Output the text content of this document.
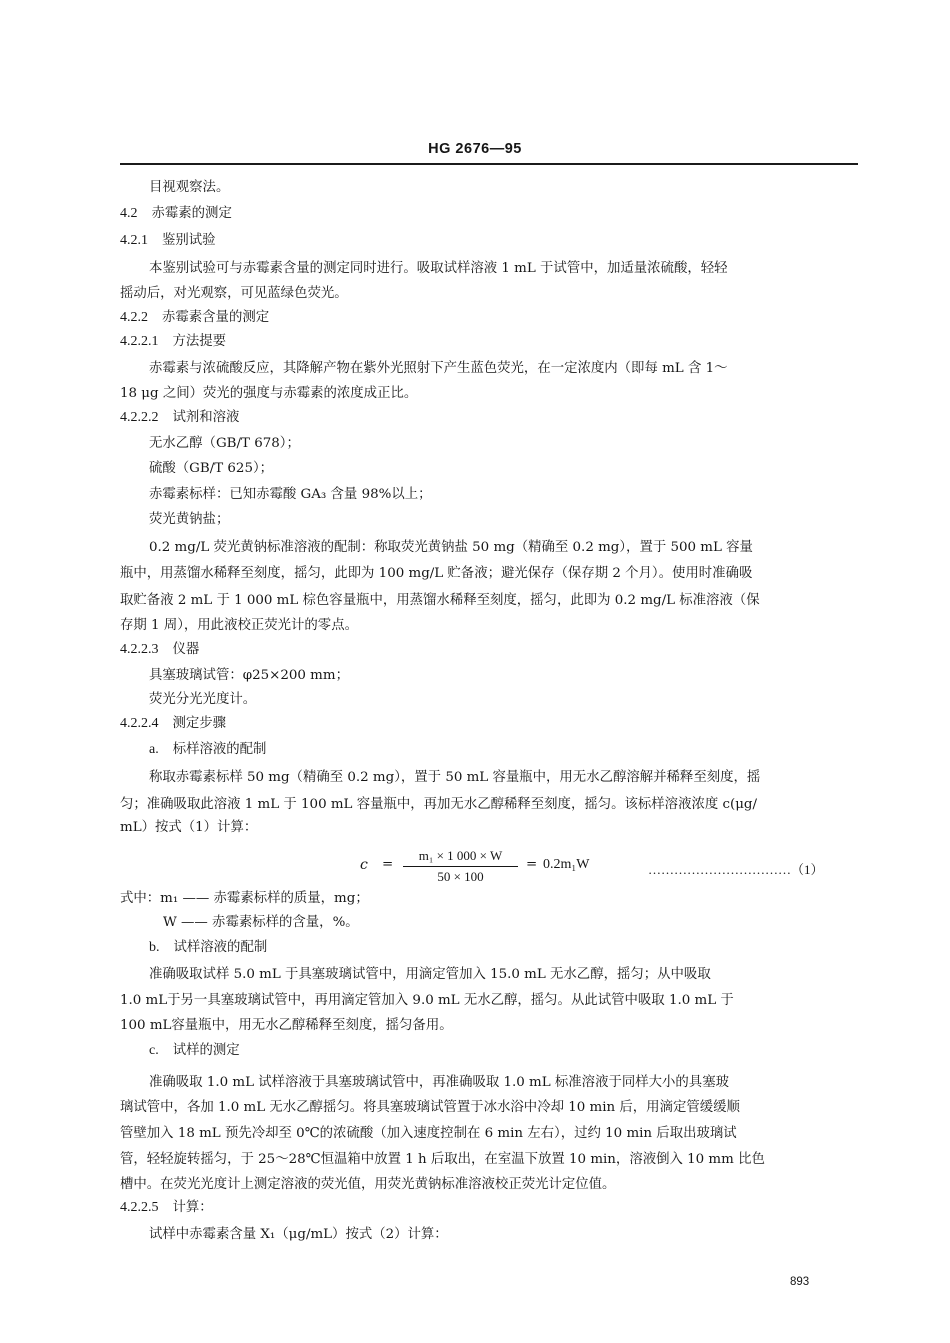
HG 2676—95
目视观察法。
4.2 赤霉素的测定
4.2.1 鉴别试验
本鉴别试验可与赤霉素含量的测定同时进行。吸取试样溶液 1 mL 于试管中，加适量浓硫酸，轻轻
摇动后，对光观察，可见蓝绿色荧光。
4.2.2 赤霉素含量的测定
4.2.2.1 方法提要
赤霉素与浓硫酸反应，其降解产物在紫外光照射下产生蓝色荧光，在一定浓度内（即每 mL 含 1～
18 μg 之间）荧光的强度与赤霉素的浓度成正比。
4.2.2.2 试剂和溶液
无水乙醇（GB/T 678）；
硫酸（GB/T 625）；
赤霉素标样：已知赤霉酸 GA₃ 含量 98%以上；
荧光黄钠盐；
0.2 mg/L 荧光黄钠标准溶液的配制：称取荧光黄钠盐 50 mg（精确至 0.2 mg），置于 500 mL 容量
瓶中，用蒸馏水稀释至刻度，摇匀，此即为 100 mg/L 贮备液；避光保存（保存期 2 个月）。使用时准确吸
取贮备液 2 mL 于 1 000 mL 棕色容量瓶中，用蒸馏水稀释至刻度，摇匀，此即为 0.2 mg/L 标准溶液（保
存期 1 周），用此液校正荧光计的零点。
4.2.2.3 仪器
具塞玻璃试管：φ25×200 mm；
荧光分光光度计。
4.2.2.4 测定步骤
a. 标样溶液的配制
称取赤霉素标样 50 mg（精确至 0.2 mg），置于 50 mL 容量瓶中，用无水乙醇溶解并稀释至刻度，摇
匀；准确吸取此溶液 1 mL 于 100 mL 容量瓶中，再加无水乙醇稀释至刻度，摇匀。该标样溶液浓度 c(μg/
mL）按式（1）计算：
c =
m₁ × 1 000 × W
50 × 100
= 0.2m₁W	……………………………（1）
式中：m₁ —— 赤霉素标样的质量，mg；
W —— 赤霉素标样的含量，%。
b. 试样溶液的配制
准确吸取试样 5.0 mL 于具塞玻璃试管中，用滴定管加入 15.0 mL 无水乙醇，摇匀；从中吸取
1.0 mL于另一具塞玻璃试管中，再用滴定管加入 9.0 mL 无水乙醇，摇匀。从此试管中吸取 1.0 mL 于
100 mL容量瓶中，用无水乙醇稀释至刻度，摇匀备用。
c. 试样的测定
准确吸取 1.0 mL 试样溶液于具塞玻璃试管中，再准确吸取 1.0 mL 标准溶液于同样大小的具塞玻
璃试管中，各加 1.0 mL 无水乙醇摇匀。将具塞玻璃试管置于冰水浴中冷却 10 min 后，用滴定管缓缓顺
管壁加入 18 mL 预先冷却至 0℃的浓硫酸（加入速度控制在 6 min 左右），过约 10 min 后取出玻璃试
管，轻轻旋转摇匀，于 25～28℃恒温箱中放置 1 h 后取出，在室温下放置 10 min，溶液倒入 10 mm 比色
槽中。在荧光光度计上测定溶液的荧光值，用荧光黄钠标准溶液校正荧光计定位值。
4.2.2.5 计算：
试样中赤霉素含量 X₁（μg/mL）按式（2）计算：
893
